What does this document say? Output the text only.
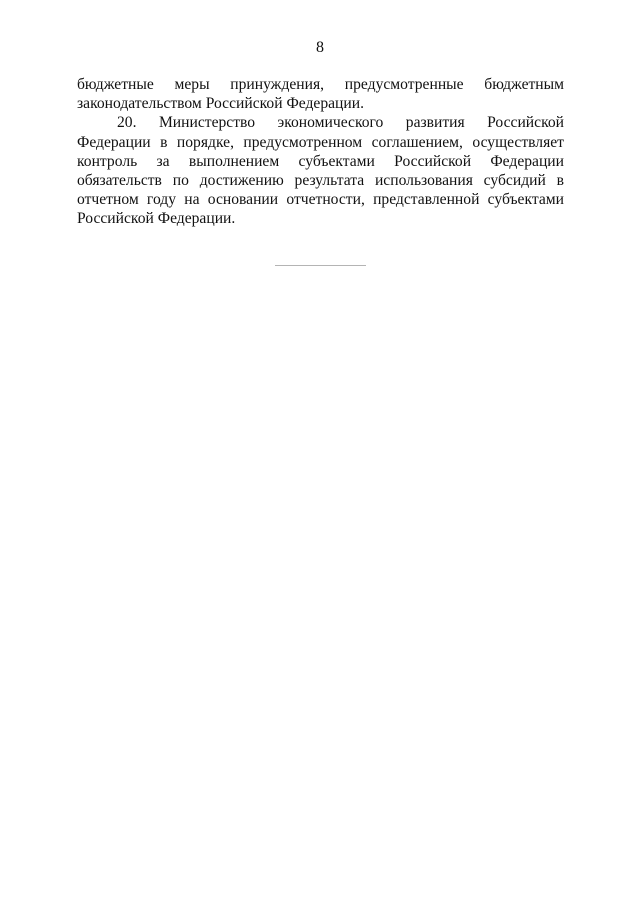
8

бюджетные меры принуждения, предусмотренные бюджетным законодательством Российской Федерации.

20. Министерство экономического развития Российской Федерации в порядке, предусмотренном соглашением, осуществляет контроль за выполнением субъектами Российской Федерации обязательств по достижению результата использования субсидий в отчетном году на основании отчетности, представленной субъектами Российской Федерации.
